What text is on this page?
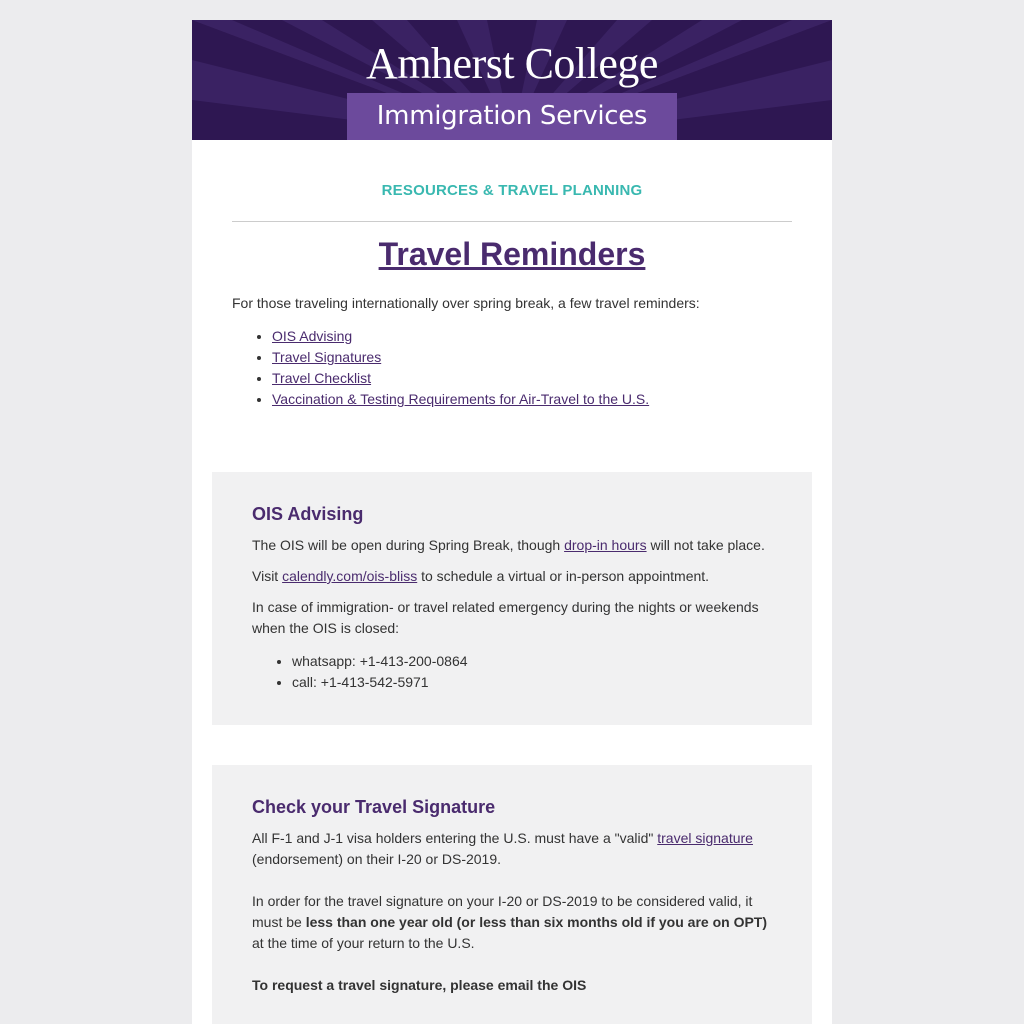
Amherst College
Immigration Services
RESOURCES & TRAVEL PLANNING
Travel Reminders

For those traveling internationally over spring break, a few travel reminders:

• OIS Advising
• Travel Signatures
• Travel Checklist
• Vaccination & Testing Requirements for Air-Travel to the U.S.
OIS Advising

The OIS will be open during Spring Break, though drop-in hours will not take place.

Visit calendly.com/ois-bliss to schedule a virtual or in-person appointment.

In case of immigration- or travel related emergency during the nights or weekends when the OIS is closed:

• whatsapp: +1-413-200-0864
• call: +1-413-542-5971
Check your Travel Signature

All F-1 and J-1 visa holders entering the U.S. must have a "valid" travel signature (endorsement) on their I-20 or DS-2019.

In order for the travel signature on your I-20 or DS-2019 to be considered valid, it must be less than one year old (or less than six months old if you are on OPT) at the time of your return to the U.S.

To request a travel signature, please email the OIS
